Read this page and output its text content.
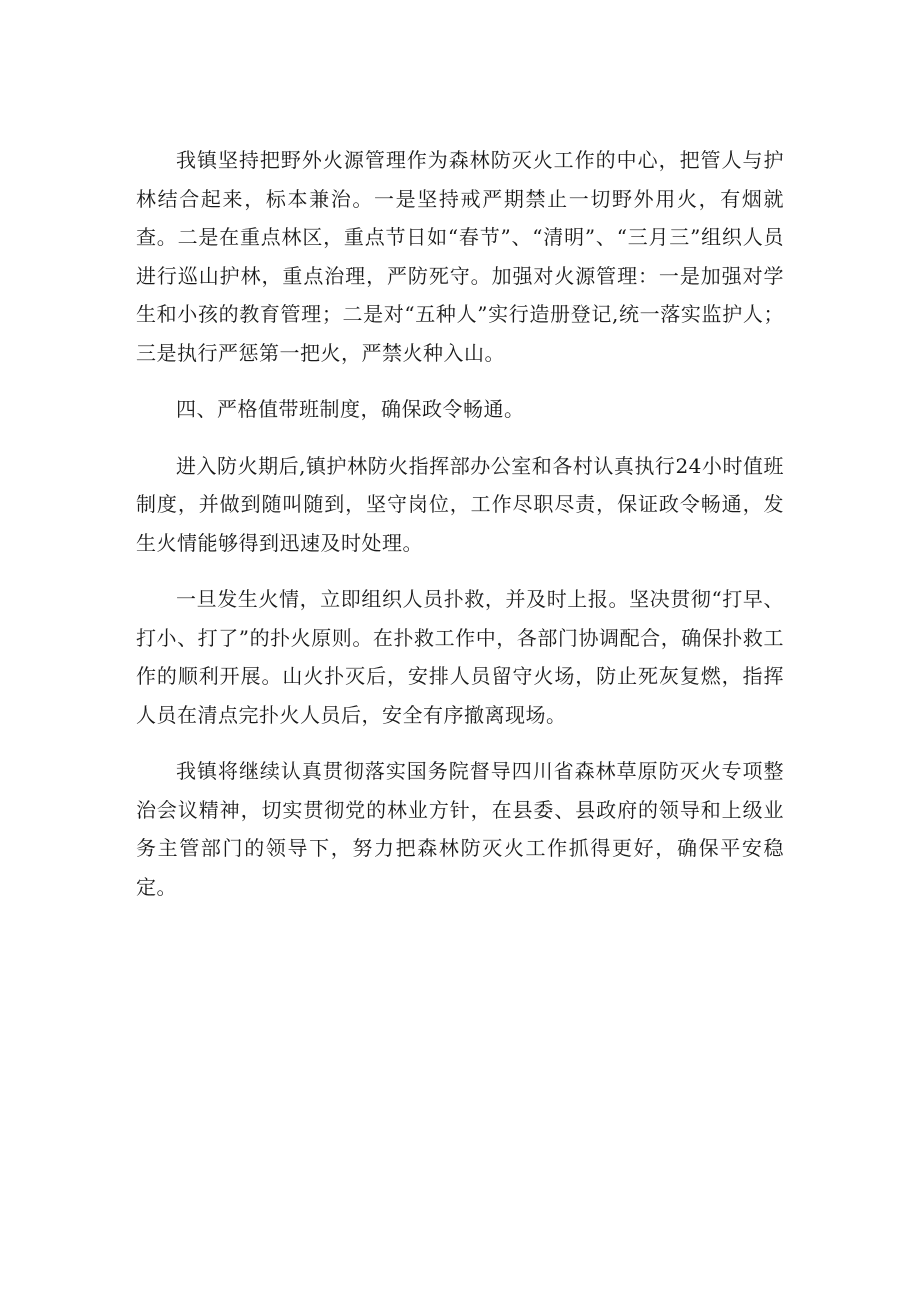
我镇坚持把野外火源管理作为森林防灭火工作的中心，把管人与护林结合起来，标本兼治。一是坚持戒严期禁止一切野外用火，有烟就查。二是在重点林区，重点节日如“春节”、“清明”、“三月三”组织人员进行巡山护林，重点治理，严防死守。加强对火源管理：一是加强对学生和小孩的教育管理；二是对“五种人”实行造册登记,统一落实监护人；三是执行严惩第一把火，严禁火种入山。

四、严格值带班制度，确保政令畅通。

进入防火期后,镇护林防火指挥部办公室和各村认真执行24小时值班制度，并做到随叫随到，坚守岗位，工作尽职尽责，保证政令畅通，发生火情能够得到迅速及时处理。

一旦发生火情，立即组织人员扑救，并及时上报。坚决贯彻“打早、打小、打了”的扑火原则。在扑救工作中，各部门协调配合，确保扑救工作的顺利开展。山火扑灭后，安排人员留守火场，防止死灰复燃，指挥人员在清点完扑火人员后，安全有序撤离现场。

我镇将继续认真贯彻落实国务院督导四川省森林草原防灭火专项整治会议精神，切实贯彻党的林业方针，在县委、县政府的领导和上级业务主管部门的领导下，努力把森林防灭火工作抓得更好，确保平安稳定。
